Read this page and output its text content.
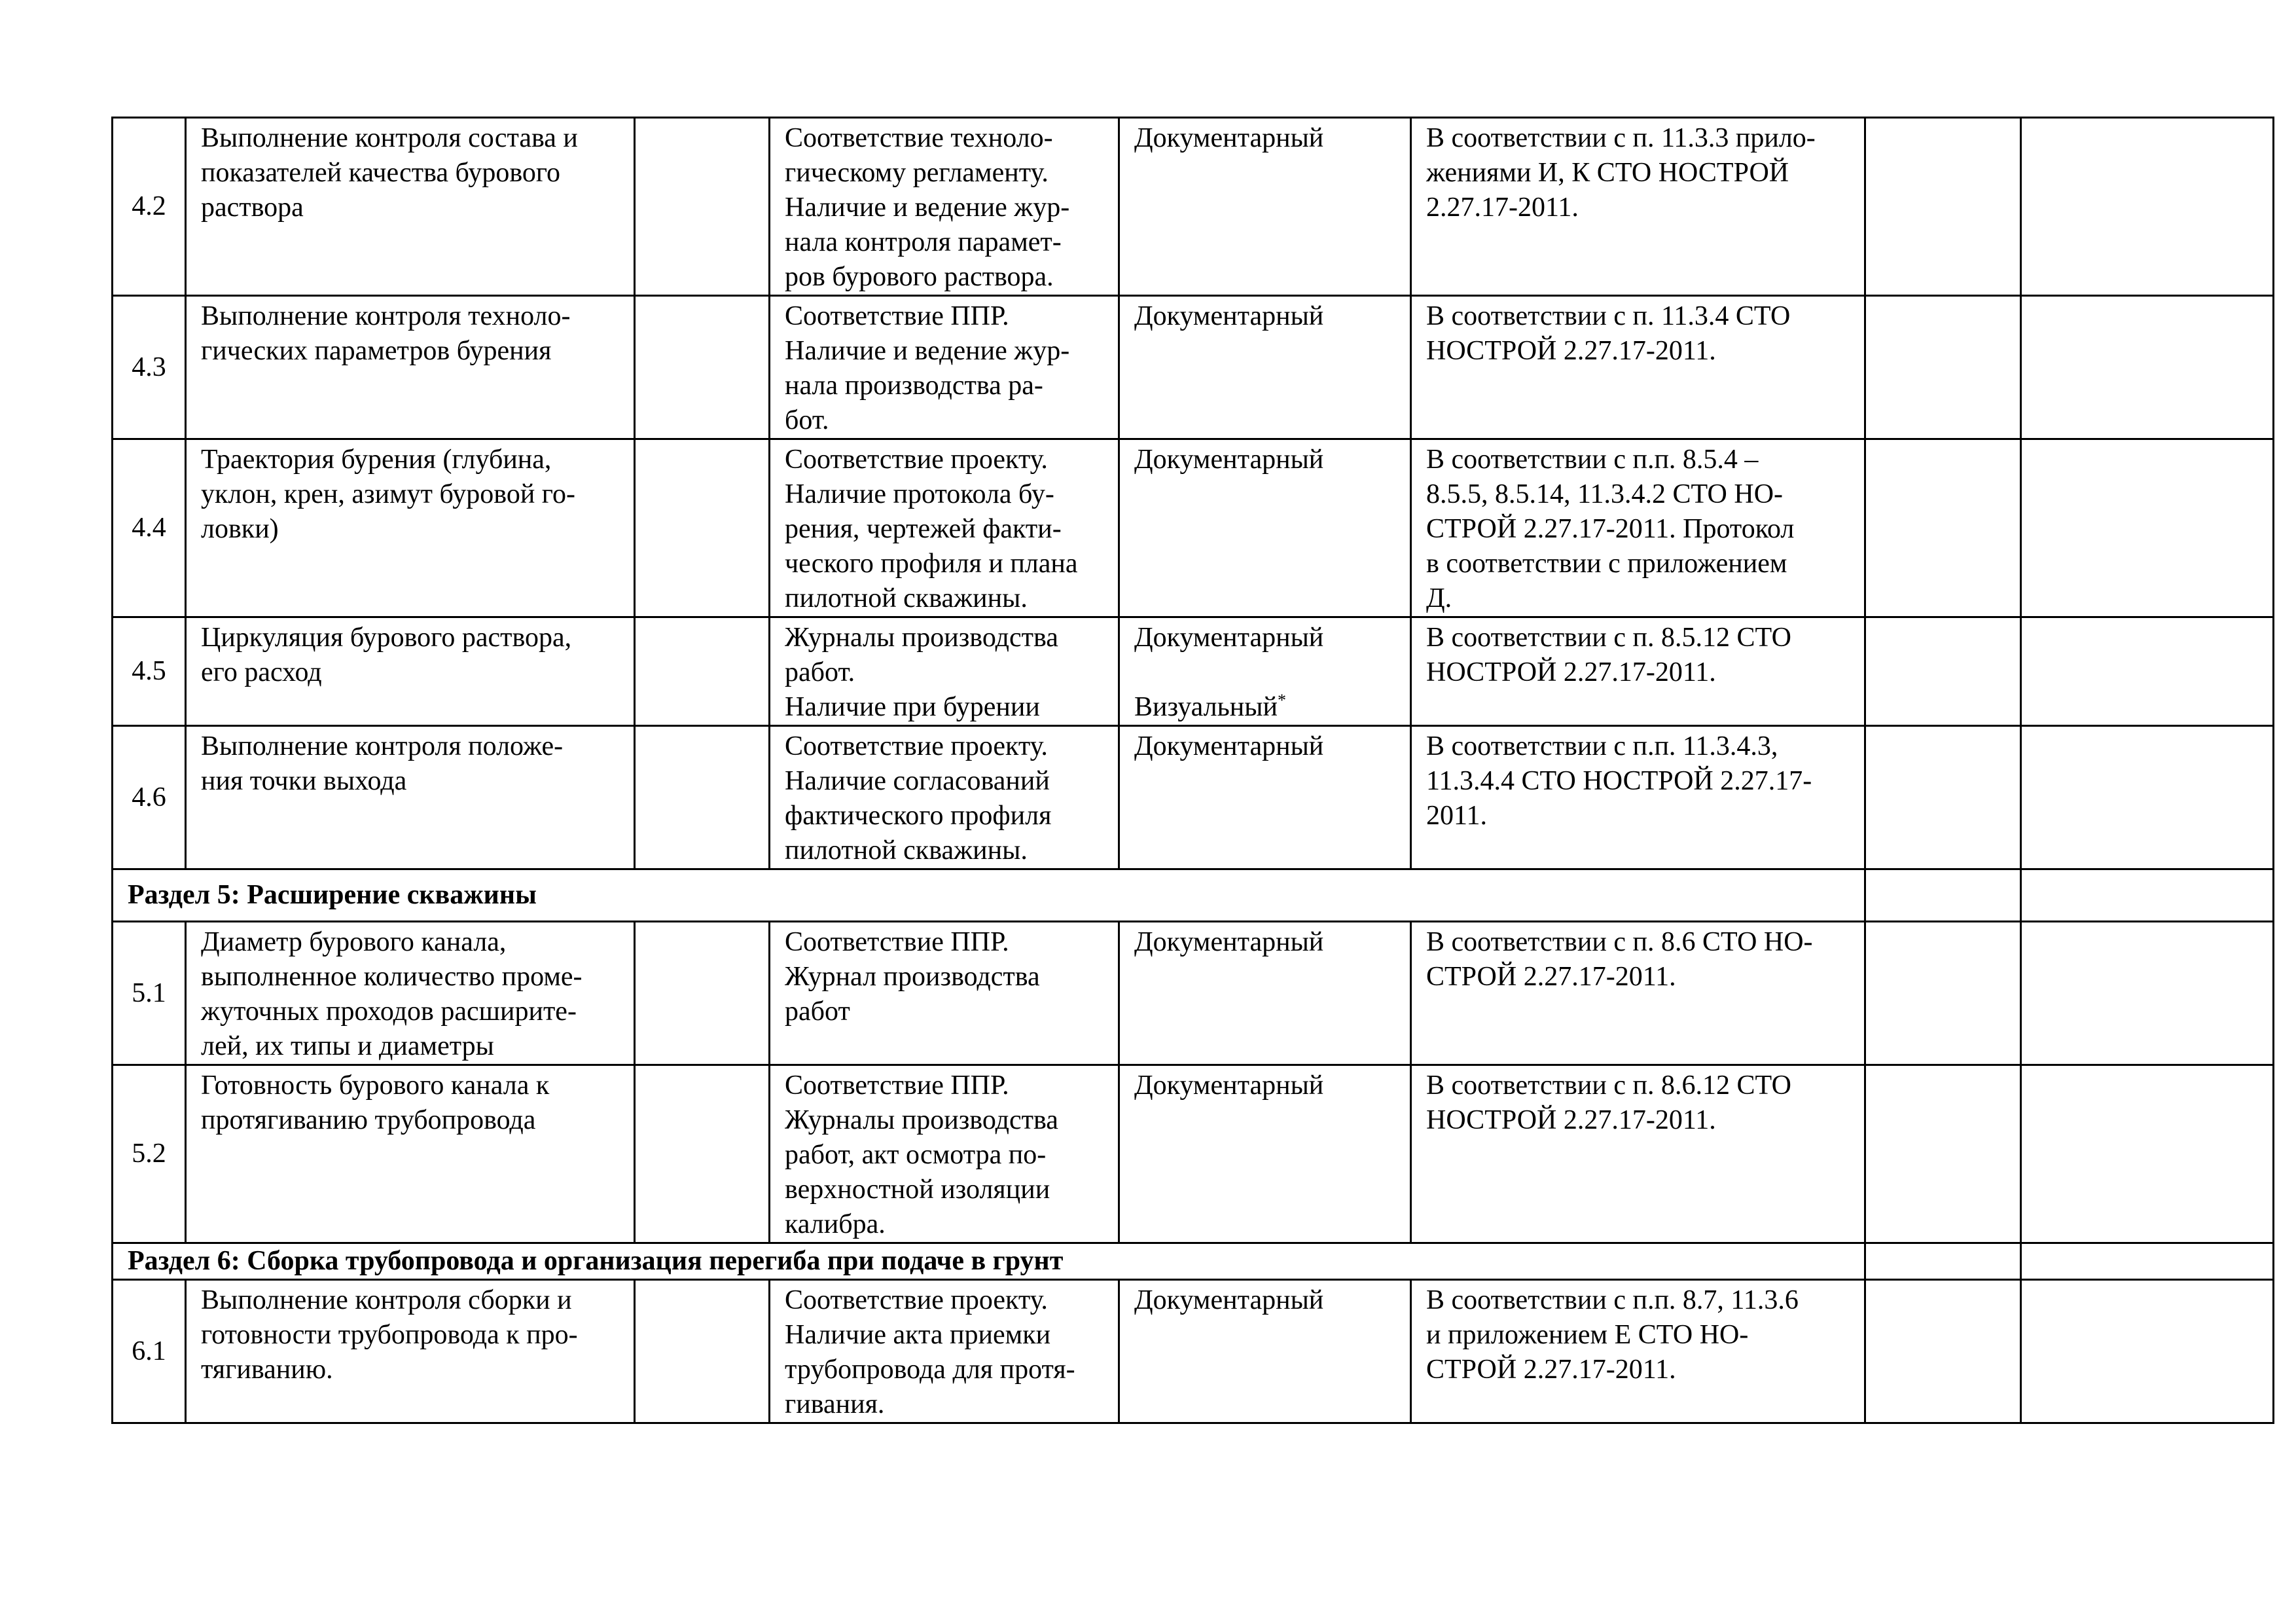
4.2	Выполнение контроля состава и
показателей качества бурового
раствора		Соответствие техноло-
гическому регламенту.
Наличие и ведение жур-
нала контроля парамет-
ров бурового раствора.	Документарный	В соответствии с п. 11.3.3 прило-
жениями И, К СТО НОСТРОЙ
2.27.17-2011.		

4.3	Выполнение контроля техноло-
гических параметров бурения		Соответствие ППР.
Наличие и ведение жур-
нала производства ра-
бот.	Документарный	В соответствии с п. 11.3.4 СТО
НОСТРОЙ 2.27.17-2011.		

4.4	Траектория бурения (глубина,
уклон, крен, азимут буровой го-
ловки)		Соответствие проекту.
Наличие протокола бу-
рения, чертежей факти-
ческого профиля и плана
пилотной скважины.	Документарный	В соответствии с п.п. 8.5.4 –
8.5.5, 8.5.14, 11.3.4.2 СТО НО-
СТРОЙ 2.27.17-2011. Протокол
в соответствии с приложением
Д.		

4.5	Циркуляция бурового раствора,
его расход		Журналы производства
работ.
Наличие при бурении	Документарный

Визуальный*	В соответствии с п. 8.5.12 СТО
НОСТРОЙ 2.27.17-2011.		

4.6	Выполнение контроля положе-
ния точки выхода		Соответствие проекту.
Наличие согласований
фактического профиля
пилотной скважины.	Документарный	В соответствии с п.п. 11.3.4.3,
11.3.4.4 СТО НОСТРОЙ 2.27.17-
2011.		

Раздел 5: Расширение скважины							
5.1	Диаметр бурового канала,
выполненное количество проме-
жуточных проходов расширите-
лей, их типы и диаметры		Соответствие ППР.
Журнал производства
работ	Документарный	В соответствии с п. 8.6 СТО НО-
СТРОЙ 2.27.17-2011.		

5.2	Готовность бурового канала к
протягиванию трубопровода		Соответствие ППР.
Журналы производства
работ, акт осмотра по-
верхностной изоляции
калибра.	Документарный	В соответствии с п. 8.6.12 СТО
НОСТРОЙ 2.27.17-2011.		

Раздел 6: Сборка трубопровода и организация перегиба при подаче в грунт							
6.1	Выполнение контроля сборки и
готовности трубопровода к про-
тягиванию.		Соответствие проекту.
Наличие акта приемки
трубопровода для протя-
гивания.	Документарный	В соответствии с п.п. 8.7, 11.3.6
и приложением Е СТО НО-
СТРОЙ 2.27.17-2011.		
